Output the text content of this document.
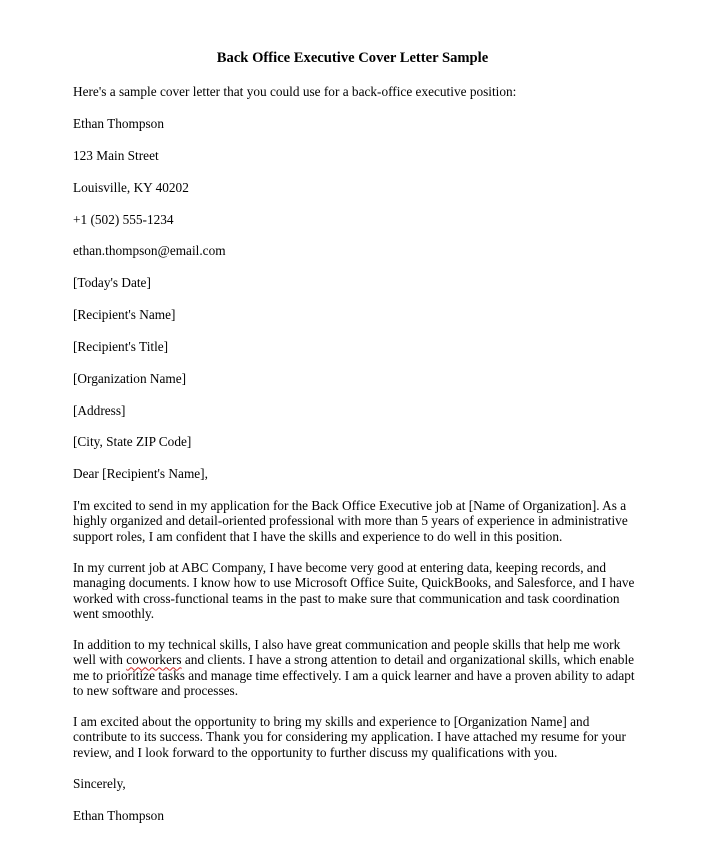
Back Office Executive Cover Letter Sample
Here's a sample cover letter that you could use for a back-office executive position:
Ethan Thompson
123 Main Street
Louisville, KY 40202
+1 (502) 555-1234
ethan.thompson@email.com
[Today's Date]
[Recipient's Name]
[Recipient's Title]
[Organization Name]
[Address]
[City, State ZIP Code]
Dear [Recipient's Name],
I'm excited to send in my application for the Back Office Executive job at [Name of Organization]. As a
highly organized and detail-oriented professional with more than 5 years of experience in administrative
support roles, I am confident that I have the skills and experience to do well in this position.
In my current job at ABC Company, I have become very good at entering data, keeping records, and
managing documents. I know how to use Microsoft Office Suite, QuickBooks, and Salesforce, and I have
worked with cross-functional teams in the past to make sure that communication and task coordination
went smoothly.
In addition to my technical skills, I also have great communication and people skills that help me work
well with coworkers and clients. I have a strong attention to detail and organizational skills, which enable
me to prioritize tasks and manage time effectively. I am a quick learner and have a proven ability to adapt
to new software and processes.
I am excited about the opportunity to bring my skills and experience to [Organization Name] and
contribute to its success. Thank you for considering my application. I have attached my resume for your
review, and I look forward to the opportunity to further discuss my qualifications with you.
Sincerely,
Ethan Thompson
